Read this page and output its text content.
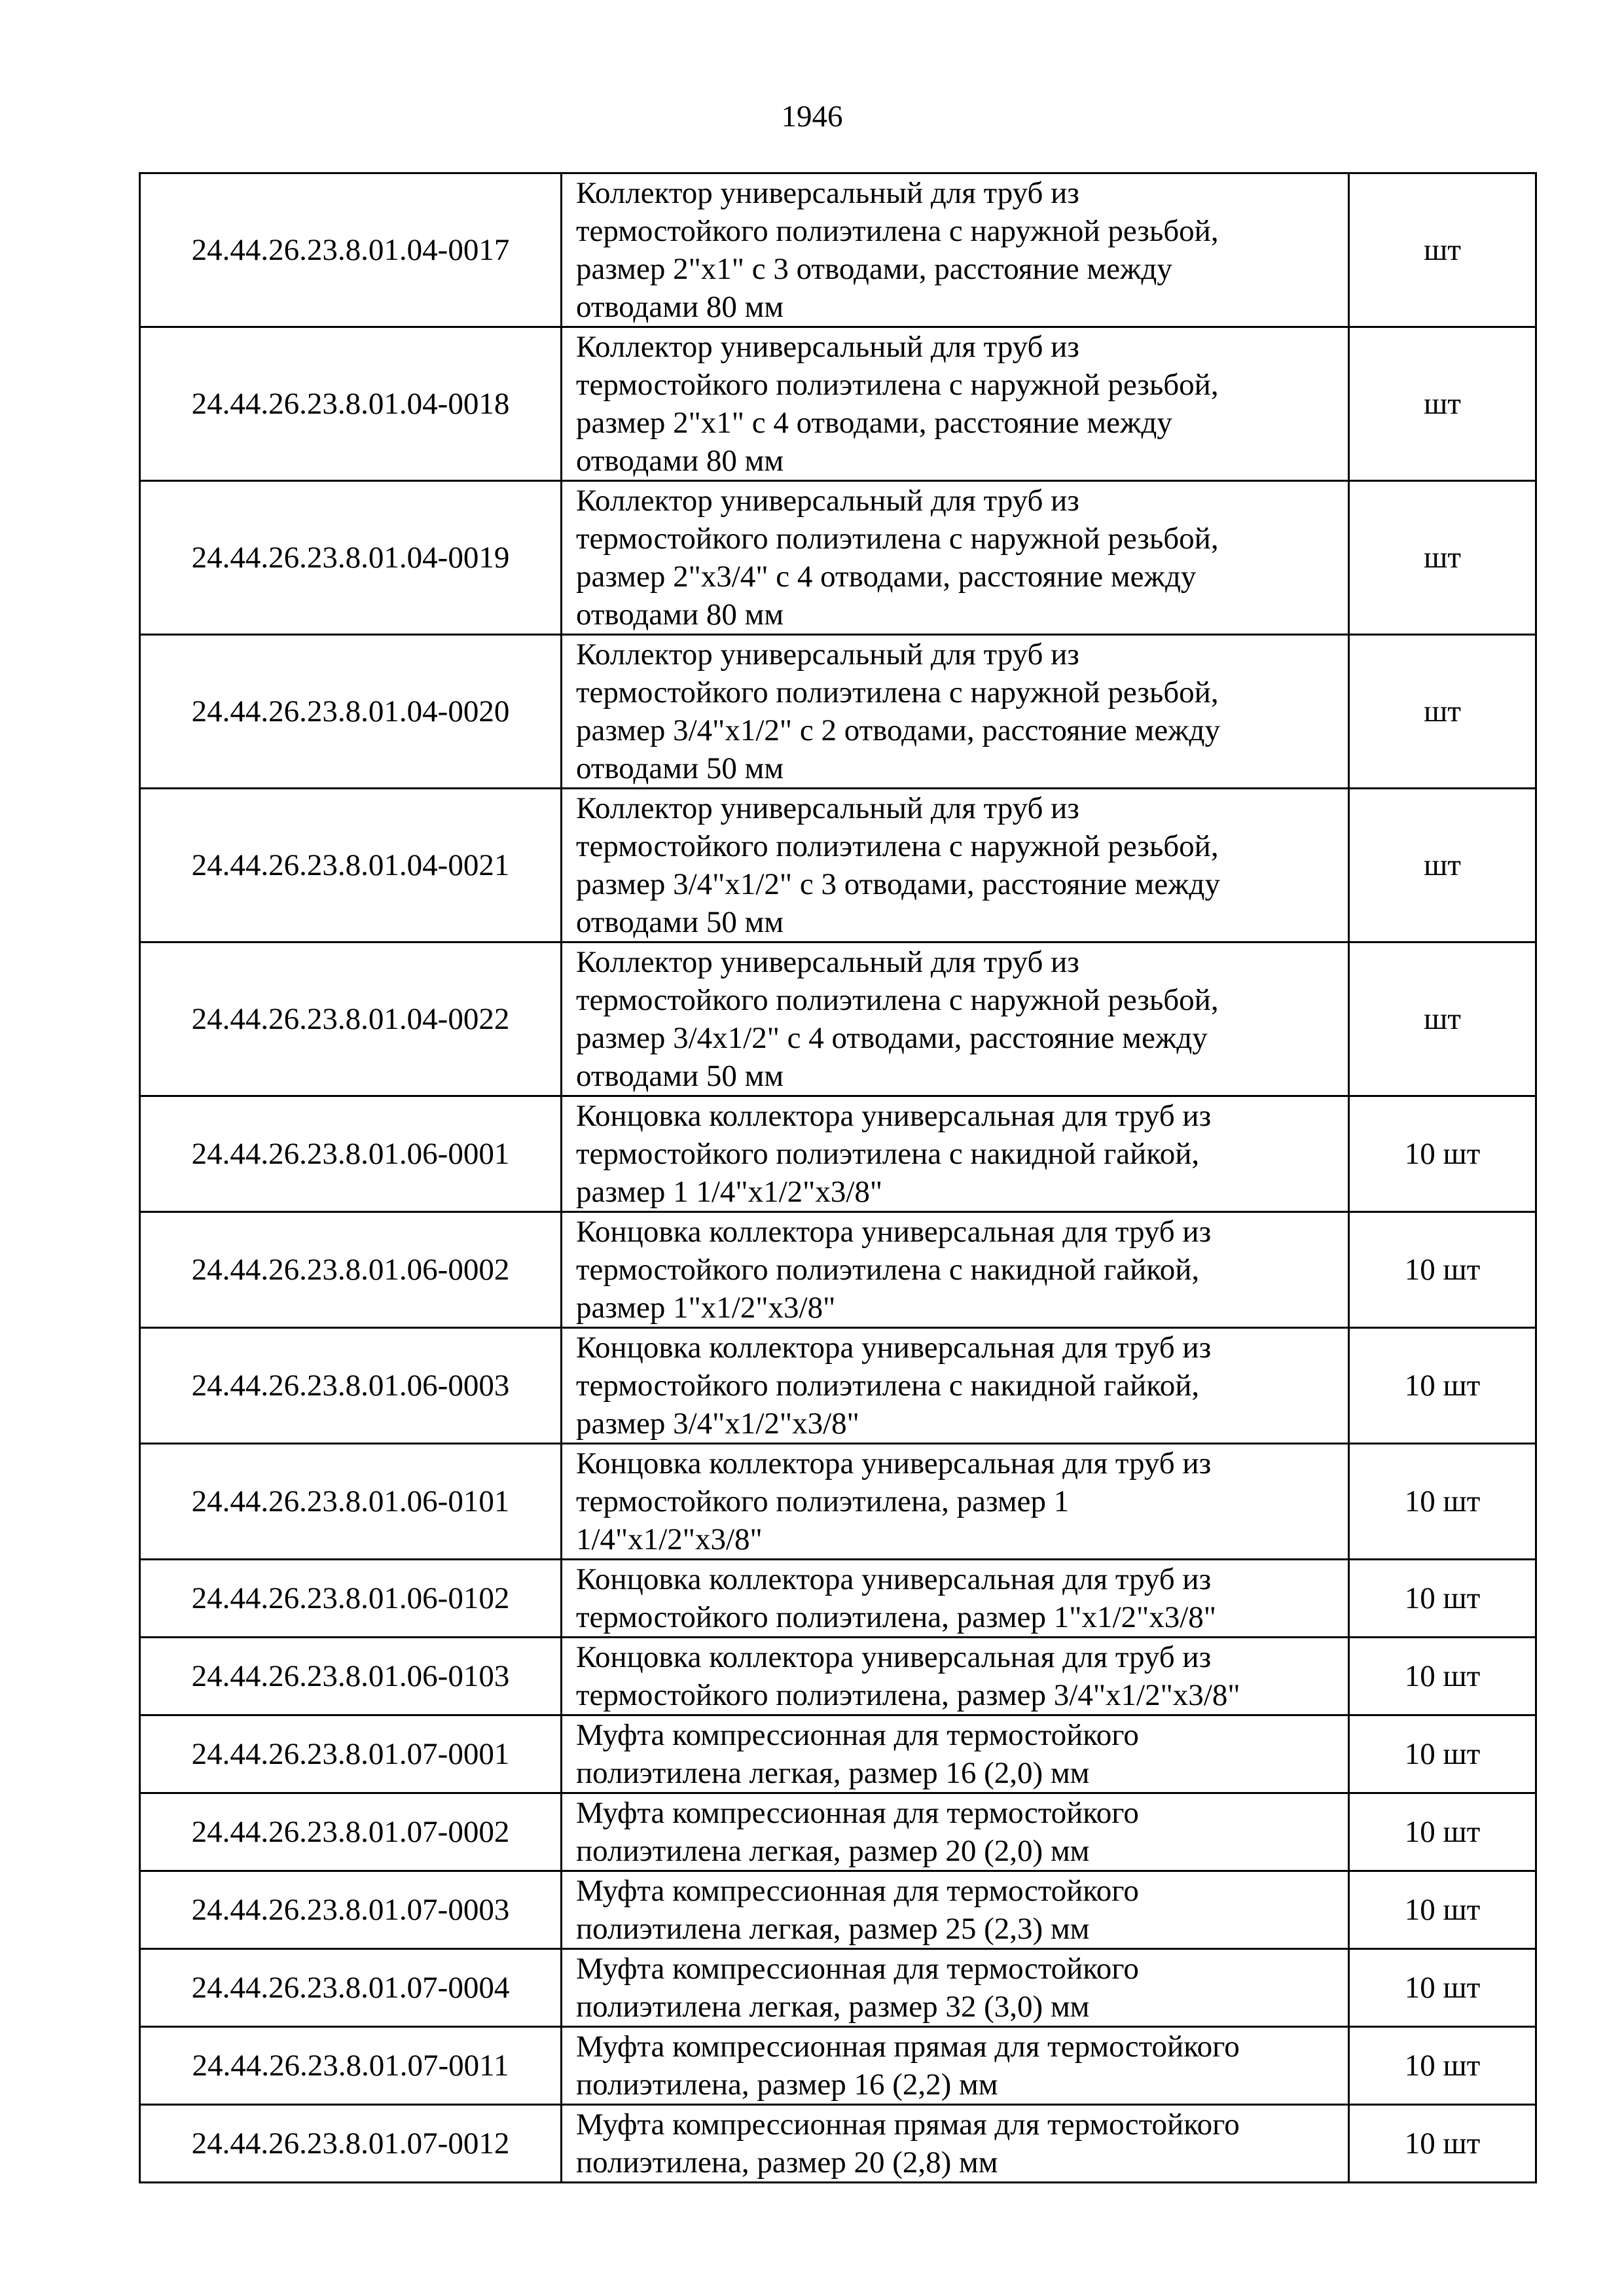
1946
24.44.26.23.8.01.04-0017	Коллектор универсальный для труб из
термостойкого полиэтилена с наружной резьбой,
размер 2"х1" с 3 отводами, расстояние между
отводами 80 мм	шт
24.44.26.23.8.01.04-0018	Коллектор универсальный для труб из
термостойкого полиэтилена с наружной резьбой,
размер 2"х1" с 4 отводами, расстояние между
отводами 80 мм	шт
24.44.26.23.8.01.04-0019	Коллектор универсальный для труб из
термостойкого полиэтилена с наружной резьбой,
размер 2"х3/4" с 4 отводами, расстояние между
отводами 80 мм	шт
24.44.26.23.8.01.04-0020	Коллектор универсальный для труб из
термостойкого полиэтилена с наружной резьбой,
размер 3/4"х1/2" с 2 отводами, расстояние между
отводами 50 мм	шт
24.44.26.23.8.01.04-0021	Коллектор универсальный для труб из
термостойкого полиэтилена с наружной резьбой,
размер 3/4"х1/2" с 3 отводами, расстояние между
отводами 50 мм	шт
24.44.26.23.8.01.04-0022	Коллектор универсальный для труб из
термостойкого полиэтилена с наружной резьбой,
размер 3/4х1/2" с 4 отводами, расстояние между
отводами 50 мм	шт
24.44.26.23.8.01.06-0001	Концовка коллектора универсальная для труб из
термостойкого полиэтилена с накидной гайкой,
размер 1 1/4"х1/2"х3/8"	10 шт
24.44.26.23.8.01.06-0002	Концовка коллектора универсальная для труб из
термостойкого полиэтилена с накидной гайкой,
размер 1"х1/2"х3/8"	10 шт
24.44.26.23.8.01.06-0003	Концовка коллектора универсальная для труб из
термостойкого полиэтилена с накидной гайкой,
размер 3/4"х1/2"х3/8"	10 шт
24.44.26.23.8.01.06-0101	Концовка коллектора универсальная для труб из
термостойкого полиэтилена, размер 1
1/4"х1/2"х3/8"	10 шт
24.44.26.23.8.01.06-0102	Концовка коллектора универсальная для труб из
термостойкого полиэтилена, размер 1"х1/2"х3/8"	10 шт
24.44.26.23.8.01.06-0103	Концовка коллектора универсальная для труб из
термостойкого полиэтилена, размер 3/4"х1/2"х3/8"	10 шт
24.44.26.23.8.01.07-0001	Муфта компрессионная для термостойкого
полиэтилена легкая, размер 16 (2,0) мм	10 шт
24.44.26.23.8.01.07-0002	Муфта компрессионная для термостойкого
полиэтилена легкая, размер 20 (2,0) мм	10 шт
24.44.26.23.8.01.07-0003	Муфта компрессионная для термостойкого
полиэтилена легкая, размер 25 (2,3) мм	10 шт
24.44.26.23.8.01.07-0004	Муфта компрессионная для термостойкого
полиэтилена легкая, размер 32 (3,0) мм	10 шт
24.44.26.23.8.01.07-0011	Муфта компрессионная прямая для термостойкого
полиэтилена, размер 16 (2,2) мм	10 шт
24.44.26.23.8.01.07-0012	Муфта компрессионная прямая для термостойкого
полиэтилена, размер 20 (2,8) мм	10 шт
